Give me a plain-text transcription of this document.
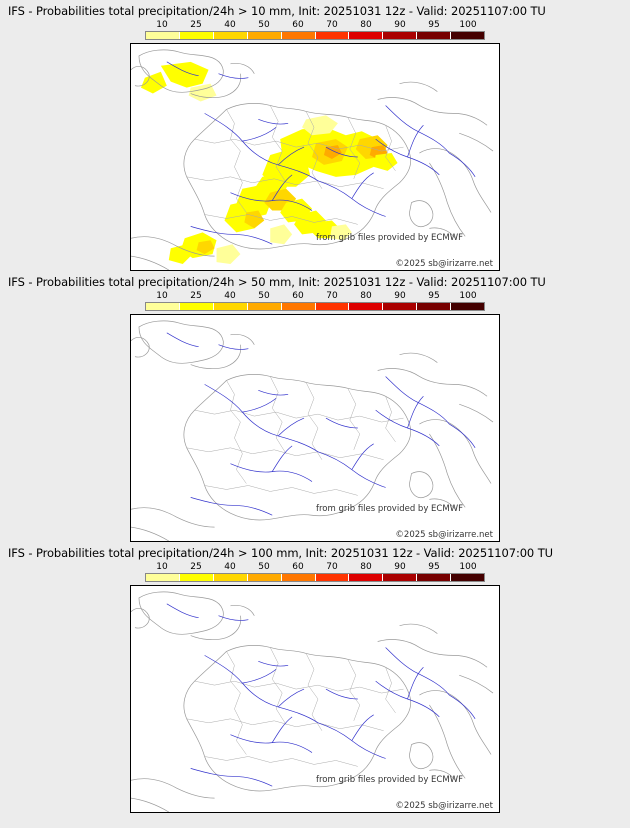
IFS - Probabilities total precipitation/24h > 10 mm, Init: 20251031 12z - Valid: 20251107:00 TU
10	25	40	50	60	70	80	90	95 100
from grib files provided by ECMWF
©2025 sb@irizarre.net
IFS - Probabilities total precipitation/24h > 50 mm, Init: 20251031 12z - Valid: 20251107:00 TU
10	25	40	50	60	70	80	90	95 100
from grib files provided by ECMWF
©2025 sb@irizarre.net
IFS - Probabilities total precipitation/24h > 100 mm, Init: 20251031 12z - Valid: 20251107:00 TU
10	25	40	50	60	70	80	90	95 100
from grib files provided by ECMWF
©2025 sb@irizarre.net
